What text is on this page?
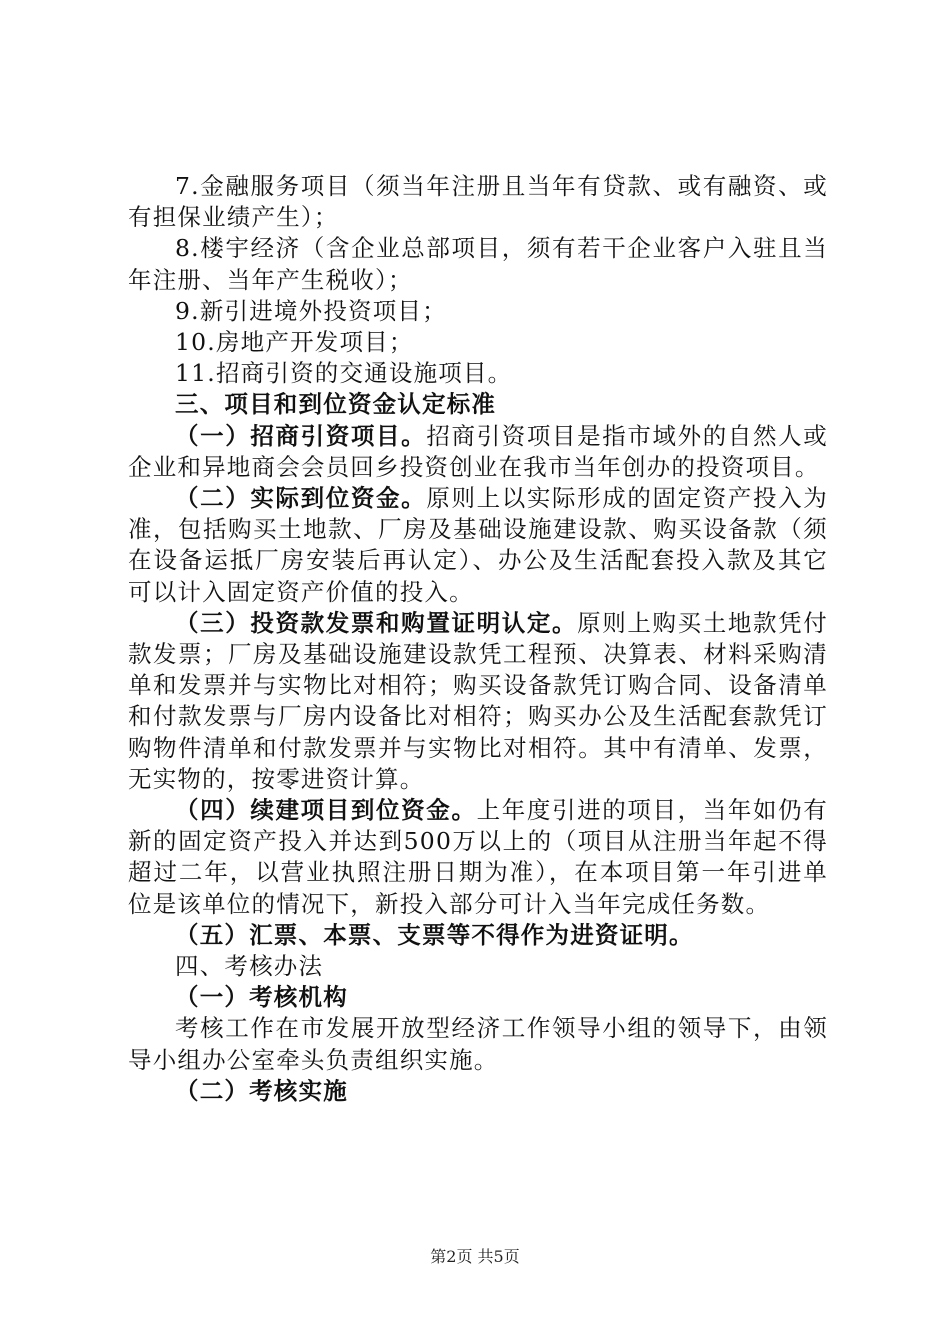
7.金融服务项目（须当年注册且当年有贷款、或有融资、或有担保业绩产生）；

8.楼宇经济（含企业总部项目，须有若干企业客户入驻且当年注册、当年产生税收）；

9.新引进境外投资项目；

10.房地产开发项目；

11.招商引资的交通设施项目。

三、项目和到位资金认定标准

（一）招商引资项目。招商引资项目是指市域外的自然人或企业和异地商会会员回乡投资创业在我市当年创办的投资项目。

（二）实际到位资金。原则上以实际形成的固定资产投入为准，包括购买土地款、厂房及基础设施建设款、购买设备款（须在设备运抵厂房安装后再认定）、办公及生活配套投入款及其它可以计入固定资产价值的投入。

（三）投资款发票和购置证明认定。原则上购买土地款凭付款发票；厂房及基础设施建设款凭工程预、决算表、材料采购清单和发票并与实物比对相符；购买设备款凭订购合同、设备清单和付款发票与厂房内设备比对相符；购买办公及生活配套款凭订购物件清单和付款发票并与实物比对相符。其中有清单、发票，无实物的，按零进资计算。

（四）续建项目到位资金。上年度引进的项目，当年如仍有新的固定资产投入并达到500万以上的（项目从注册当年起不得超过二年，以营业执照注册日期为准），在本项目第一年引进单位是该单位的情况下，新投入部分可计入当年完成任务数。

（五）汇票、本票、支票等不得作为进资证明。

四、考核办法

（一）考核机构

考核工作在市发展开放型经济工作领导小组的领导下，由领导小组办公室牵头负责组织实施。

（二）考核实施

第2页 共5页
